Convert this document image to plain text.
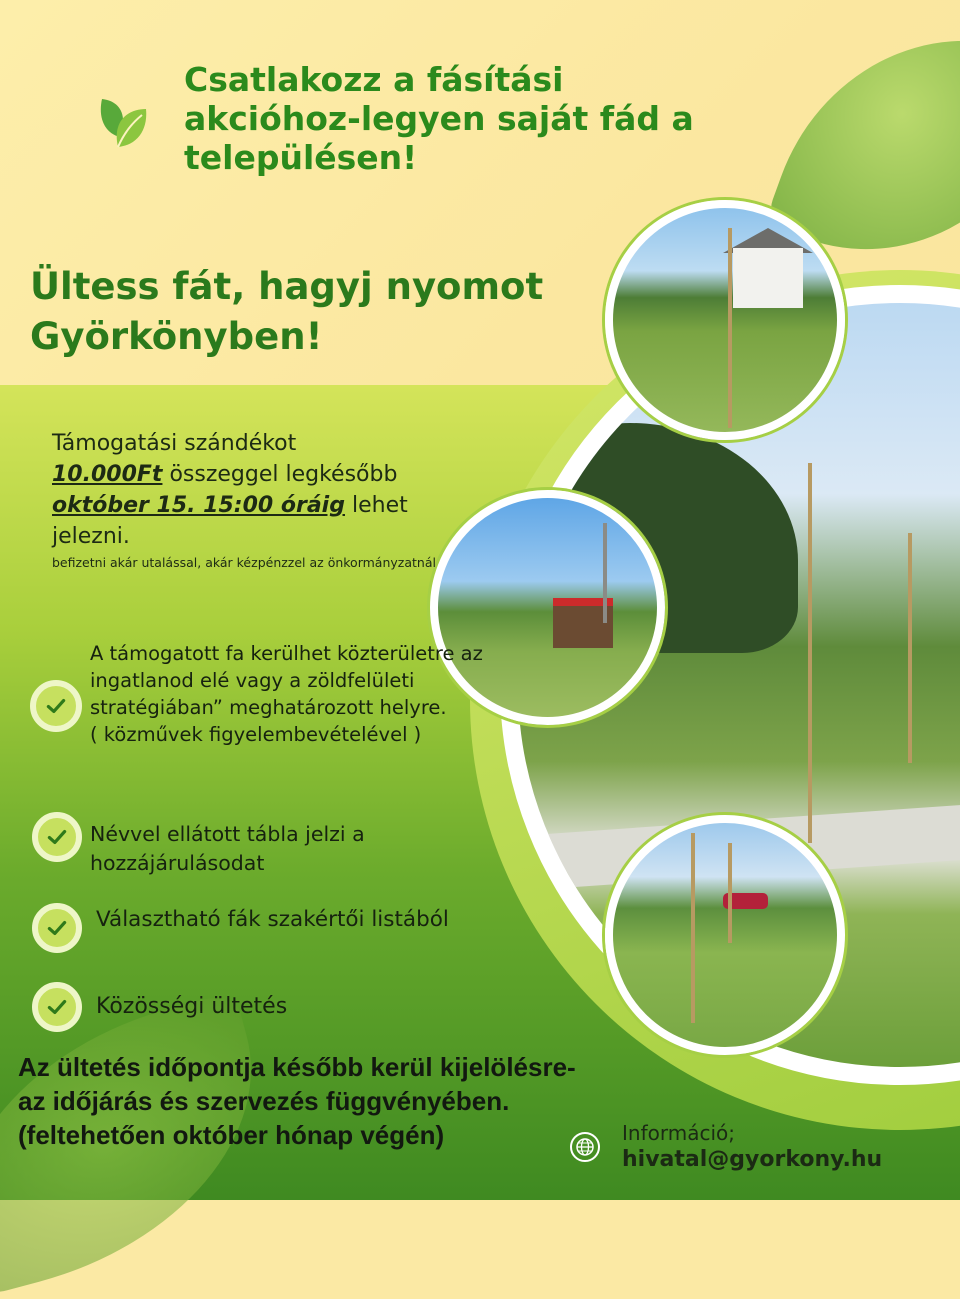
Csatlakozz a fásítási akcióhoz-legyen saját fád a településen!
Ültess fát, hagyj nyomot Györkönyben!
Támogatási szándékot
10.000Ft összeggel legkésőbb
október 15. 15:00 óráig lehet jelezni.
befizetni akár utalással, akár kézpénzzel az önkormányzatnál
A támogatott fa kerülhet közterületre az ingatlanod elé vagy a zöldfelületi stratégiában” meghatározott helyre.
( közművek figyelembevételével )
Névvel ellátott tábla jelzi a hozzájárulásodat
Választható fák szakértői listából
Közösségi ültetés

Az ültetés időpontja később kerül kijelölésre- az időjárás és szervezés függvényében. (feltehetően október hónap végén)	Információ;
hivatal@gyorkony.hu
